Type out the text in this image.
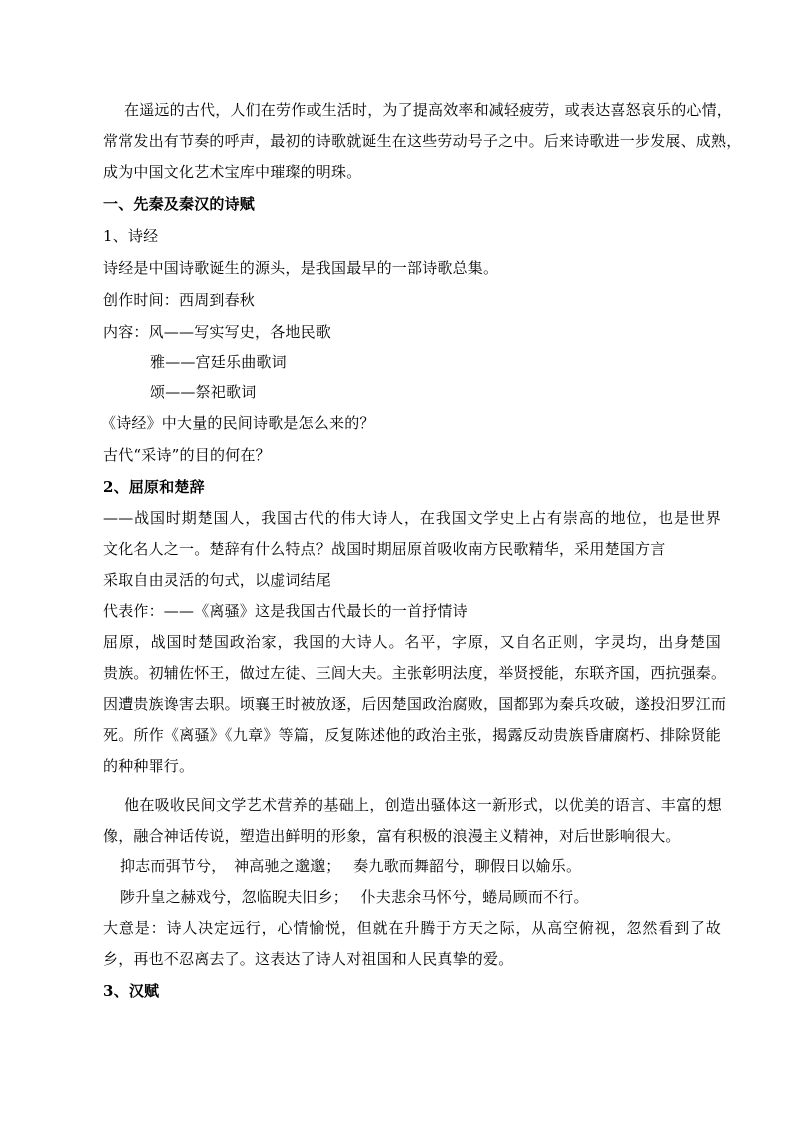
在遥远的古代，人们在劳作或生活时，为了提高效率和减轻疲劳，或表达喜怒哀乐的心情，
常常发出有节奏的呼声，最初的诗歌就诞生在这些劳动号子之中。后来诗歌进一步发展、成熟，
成为中国文化艺术宝库中璀璨的明珠。
一、先秦及秦汉的诗赋
1、诗经
诗经是中国诗歌诞生的源头，是我国最早的一部诗歌总集。
创作时间：西周到春秋
内容：风——写实写史，各地民歌
雅——宫廷乐曲歌词
颂——祭祀歌词
《诗经》中大量的民间诗歌是怎么来的？
古代“采诗”的目的何在？
2、屈原和楚辞
——战国时期楚国人，我国古代的伟大诗人，在我国文学史上占有崇高的地位，也是世界
文化名人之一。楚辞有什么特点？战国时期屈原首吸收南方民歌精华，采用楚国方言
采取自由灵活的句式，以虚词结尾
代表作：——《离骚》这是我国古代最长的一首抒情诗
屈原，战国时楚国政治家，我国的大诗人。名平，字原，又自名正则，字灵均，出身楚国
贵族。初辅佐怀王，做过左徒、三闾大夫。主张彰明法度，举贤授能，东联齐国，西抗强秦。
因遭贵族谗害去职。顷襄王时被放逐，后因楚国政治腐败，国都郢为秦兵攻破，遂投汨罗江而
死。所作《离骚》《九章》等篇，反复陈述他的政治主张，揭露反动贵族昏庸腐朽、排除贤能
的种种罪行。
他在吸收民间文学艺术营养的基础上，创造出骚体这一新形式，以优美的语言、丰富的想
像，融合神话传说，塑造出鲜明的形象，富有积极的浪漫主义精神，对后世影响很大。
抑志而弭节兮，　神高驰之邈邈；　 奏九歌而舞韶兮，聊假日以媮乐。
陟升皇之赫戏兮，忽临睨夫旧乡；　 仆夫悲余马怀兮，蜷局顾而不行。
大意是：诗人决定远行，心情愉悦，但就在升腾于方天之际，从高空俯视，忽然看到了故
乡，再也不忍离去了。这表达了诗人对祖国和人民真挚的爱。
3、汉赋
